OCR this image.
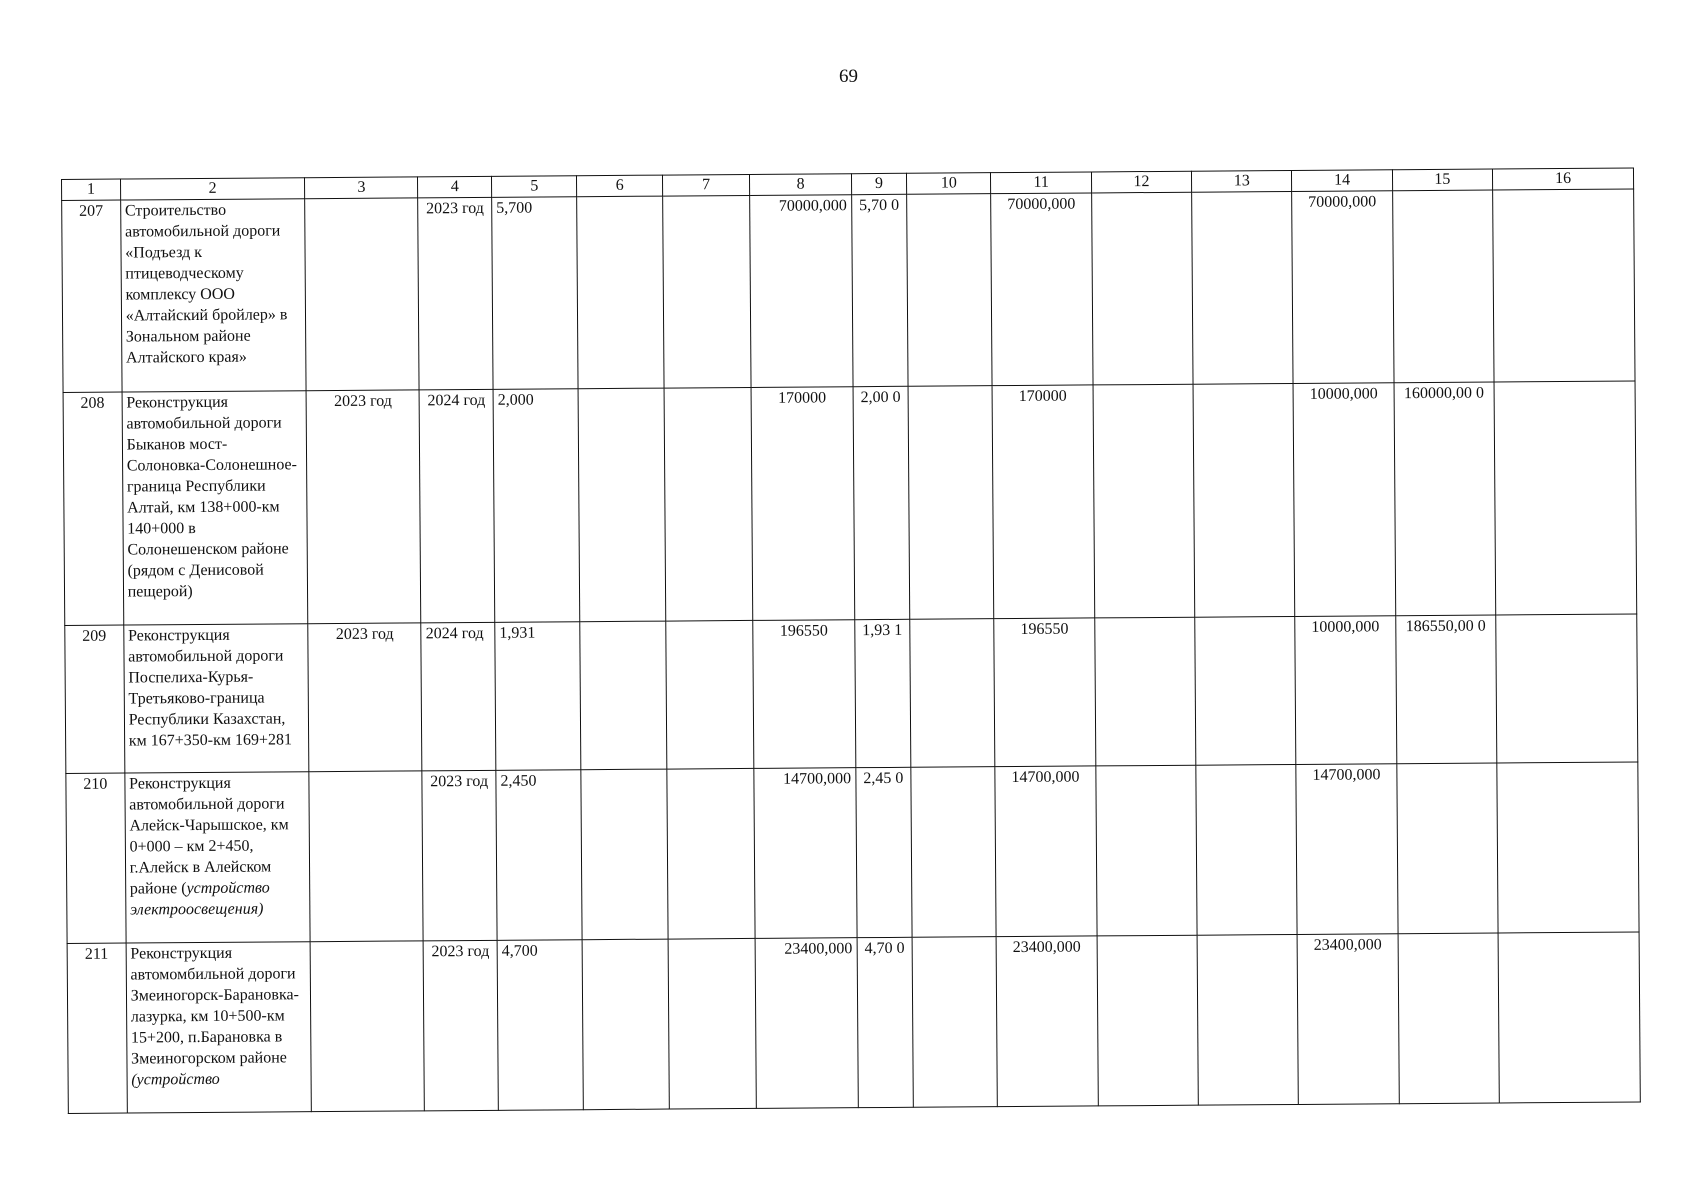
69
1	2	3	4	5	6	7	8	9	10	11	12	13	14	15	16
207	Строительство автомобильной дороги «Подъезд к птицеводческому комплексу ООО «Алтайский бройлер» в Зональном районе Алтайского края»		2023 год	5,700			70000,000	5,70 0		70000,000			70000,000		
208	Реконструкция автомобильной дороги Быканов мост-Солоновка-Солонешное-граница Республики Алтай, км 138+000-км 140+000 в Солонешенском районе (рядом с Денисовой пещерой)	2023 год	2024 год	2,000			170000	2,00 0		170000			10000,000	160000,00 0	
209	Реконструкция автомобильной дороги Поспелиха-Курья-Третьяково-граница Республики Казахстан, км 167+350-км 169+281	2023 год	2024 год	1,931			196550	1,93 1		196550			10000,000	186550,00 0	
210	Реконструкция автомобильной дороги Алейск-Чарышское, км 0+000 – км 2+450, г.Алейск в Алейском районе (устройство электроосвещения)		2023 год	2,450			14700,000	2,45 0		14700,000			14700,000		
211	Реконструкция автомомбильной дороги Змеиногорск-Барановка-лазурка, км 10+500-км 15+200, п.Барановка в Змеиногорском районе (устройство		2023 год	4,700			23400,000	4,70 0		23400,000			23400,000		
